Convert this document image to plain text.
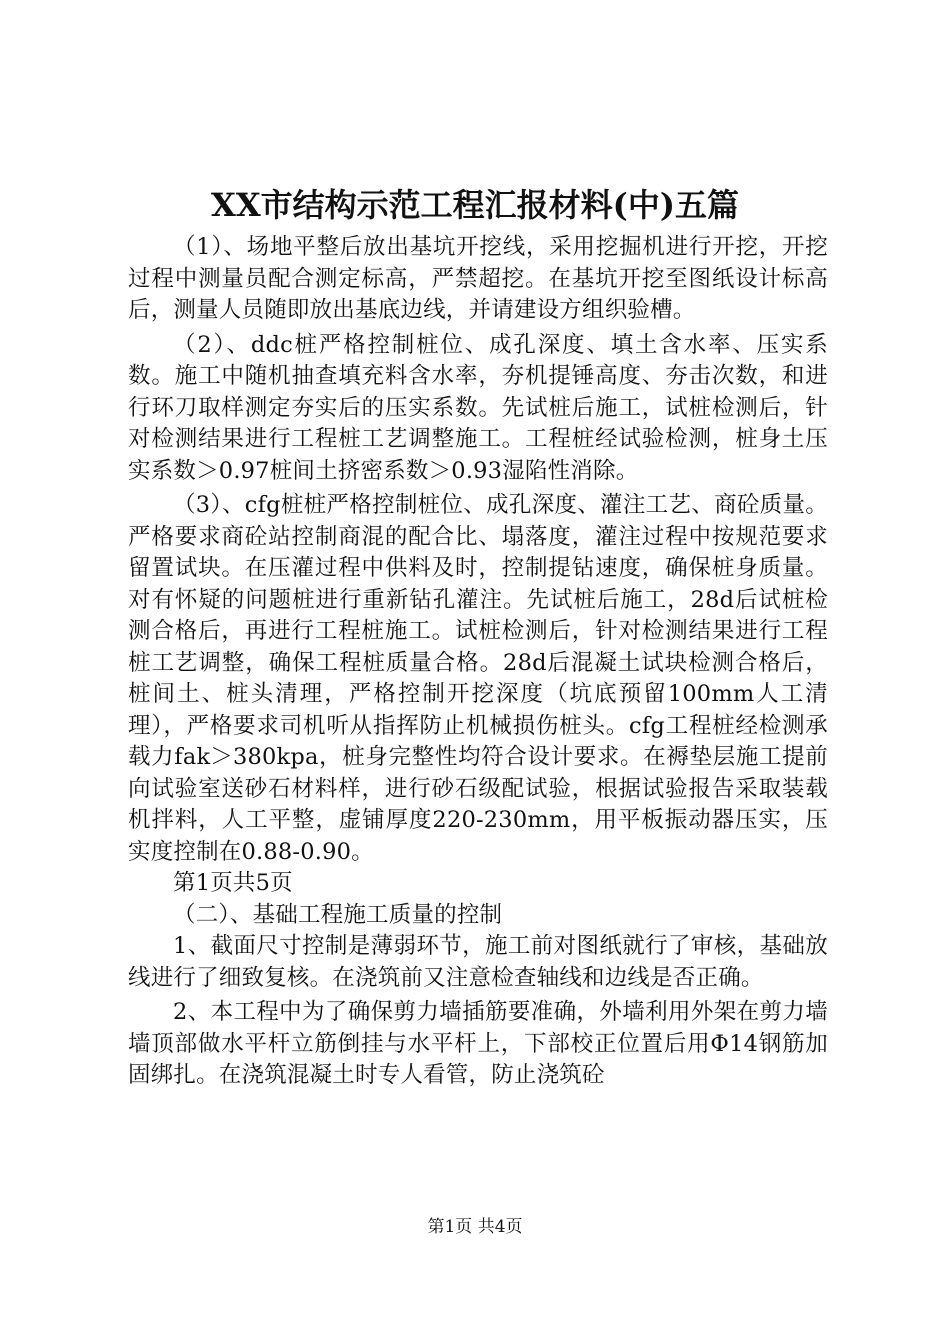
XX市结构示范工程汇报材料(中)五篇

（1）、场地平整后放出基坑开挖线，采用挖掘机进行开挖，开挖过程中测量员配合测定标高，严禁超挖。在基坑开挖至图纸设计标高后，测量人员随即放出基底边线，并请建设方组织验槽。

（2）、ddc桩严格控制桩位、成孔深度、填土含水率、压实系数。施工中随机抽查填充料含水率，夯机提锤高度、夯击次数，和进行环刀取样测定夯实后的压实系数。先试桩后施工，试桩检测后，针对检测结果进行工程桩工艺调整施工。工程桩经试验检测，桩身土压实系数＞0.97桩间土挤密系数＞0.93湿陷性消除。

（3）、cfg桩桩严格控制桩位、成孔深度、灌注工艺、商砼质量。严格要求商砼站控制商混的配合比、塌落度，灌注过程中按规范要求留置试块。在压灌过程中供料及时，控制提钻速度，确保桩身质量。对有怀疑的问题桩进行重新钻孔灌注。先试桩后施工，28d后试桩检测合格后，再进行工程桩施工。试桩检测后，针对检测结果进行工程桩工艺调整，确保工程桩质量合格。28d后混凝土试块检测合格后，桩间土、桩头清理，严格控制开挖深度（坑底预留100mm人工清理），严格要求司机听从指挥防止机械损伤桩头。cfg工程桩经检测承载力fak＞380kpa，桩身完整性均符合设计要求。在褥垫层施工提前向试验室送砂石材料样，进行砂石级配试验，根据试验报告采取装载机拌料，人工平整，虚铺厚度220-230mm，用平板振动器压实，压实度控制在0.88-0.90。

第1页共5页

（二）、基础工程施工质量的控制

1、截面尺寸控制是薄弱环节，施工前对图纸就行了审核，基础放线进行了细致复核。在浇筑前又注意检查轴线和边线是否正确。

2、本工程中为了确保剪力墙插筋要准确，外墙利用外架在剪力墙墙顶部做水平杆立筋倒挂与水平杆上，下部校正位置后用Φ14钢筋加固绑扎。在浇筑混凝土时专人看管，防止浇筑砼

第1页 共4页
